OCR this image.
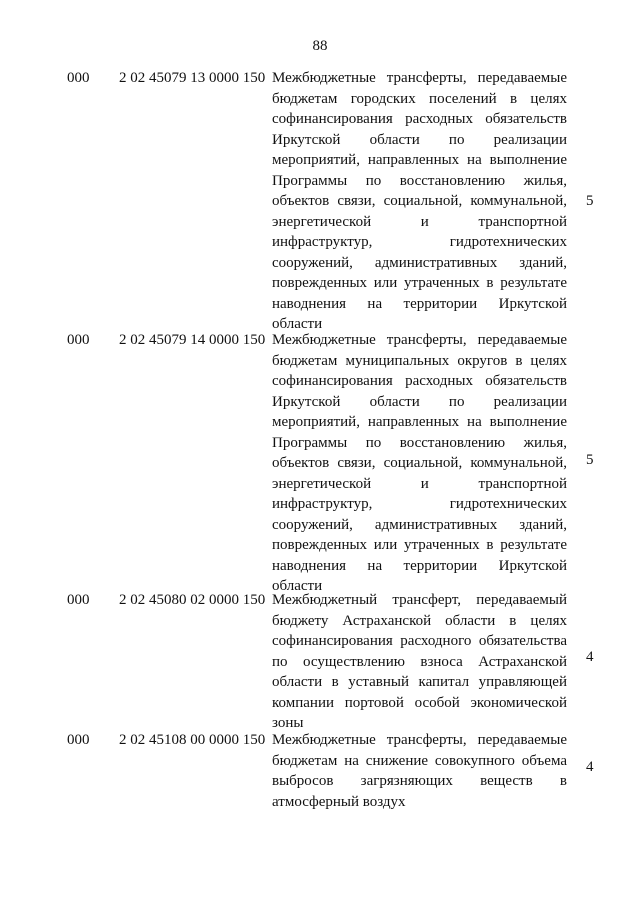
88
000 2 02 45079 13 0000 150 Межбюджетные трансферты, передаваемые
бюджетам городских поселений в целях
софинансирования расходных обязательств
Иркутской области по реализации
мероприятий, направленных на выполнение
Программы по восстановлению жилья,
объектов связи, социальной, коммунальной,
энергетической и транспортной
инфраструктур, гидротехнических
сооружений, административных зданий,
поврежденных или утраченных в результате
наводнения на территории Иркутской
области
5
000 2 02 45079 14 0000 150 Межбюджетные трансферты, передаваемые
бюджетам муниципальных округов в целях
софинансирования расходных обязательств
Иркутской области по реализации
мероприятий, направленных на выполнение
Программы по восстановлению жилья,
объектов связи, социальной, коммунальной,
энергетической и транспортной
инфраструктур, гидротехнических
сооружений, административных зданий,
поврежденных или утраченных в результате
наводнения на территории Иркутской
области
5
000 2 02 45080 02 0000 150 Межбюджетный трансферт, передаваемый
бюджету Астраханской области в целях
софинансирования расходного обязательства
по осуществлению взноса Астраханской
области в уставный капитал управляющей
компании портовой особой экономической
зоны
4
000 2 02 45108 00 0000 150 Межбюджетные трансферты, передаваемые
бюджетам на снижение совокупного объема
выбросов загрязняющих веществ в
атмосферный воздух
4
